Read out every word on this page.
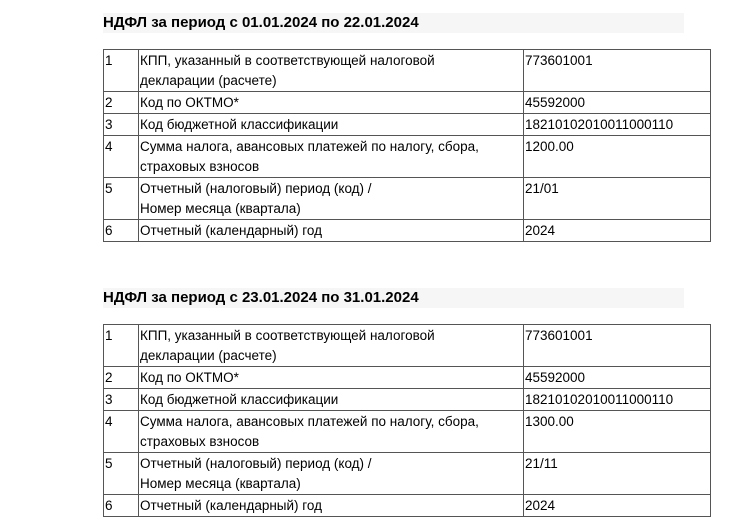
НДФЛ за период с 01.01.2024 по 22.01.2024
1	КПП, указанный в соответствующей налоговой
декларации (расчете)	773601001
2	Код по ОКТМО*	45592000
3	Код бюджетной классификации	18210102010011000110
4	Сумма налога, авансовых платежей по налогу, сбора,
страховых взносов	1200.00
5	Отчетный (налоговый) период (код) /
Номер месяца (квартала)	21/01
6	Отчетный (календарный) год	2024
НДФЛ за период с 23.01.2024 по 31.01.2024
1	КПП, указанный в соответствующей налоговой
декларации (расчете)	773601001
2	Код по ОКТМО*	45592000
3	Код бюджетной классификации	18210102010011000110
4	Сумма налога, авансовых платежей по налогу, сбора,
страховых взносов	1300.00
5	Отчетный (налоговый) период (код) /
Номер месяца (квартала)	21/11
6	Отчетный (календарный) год	2024
